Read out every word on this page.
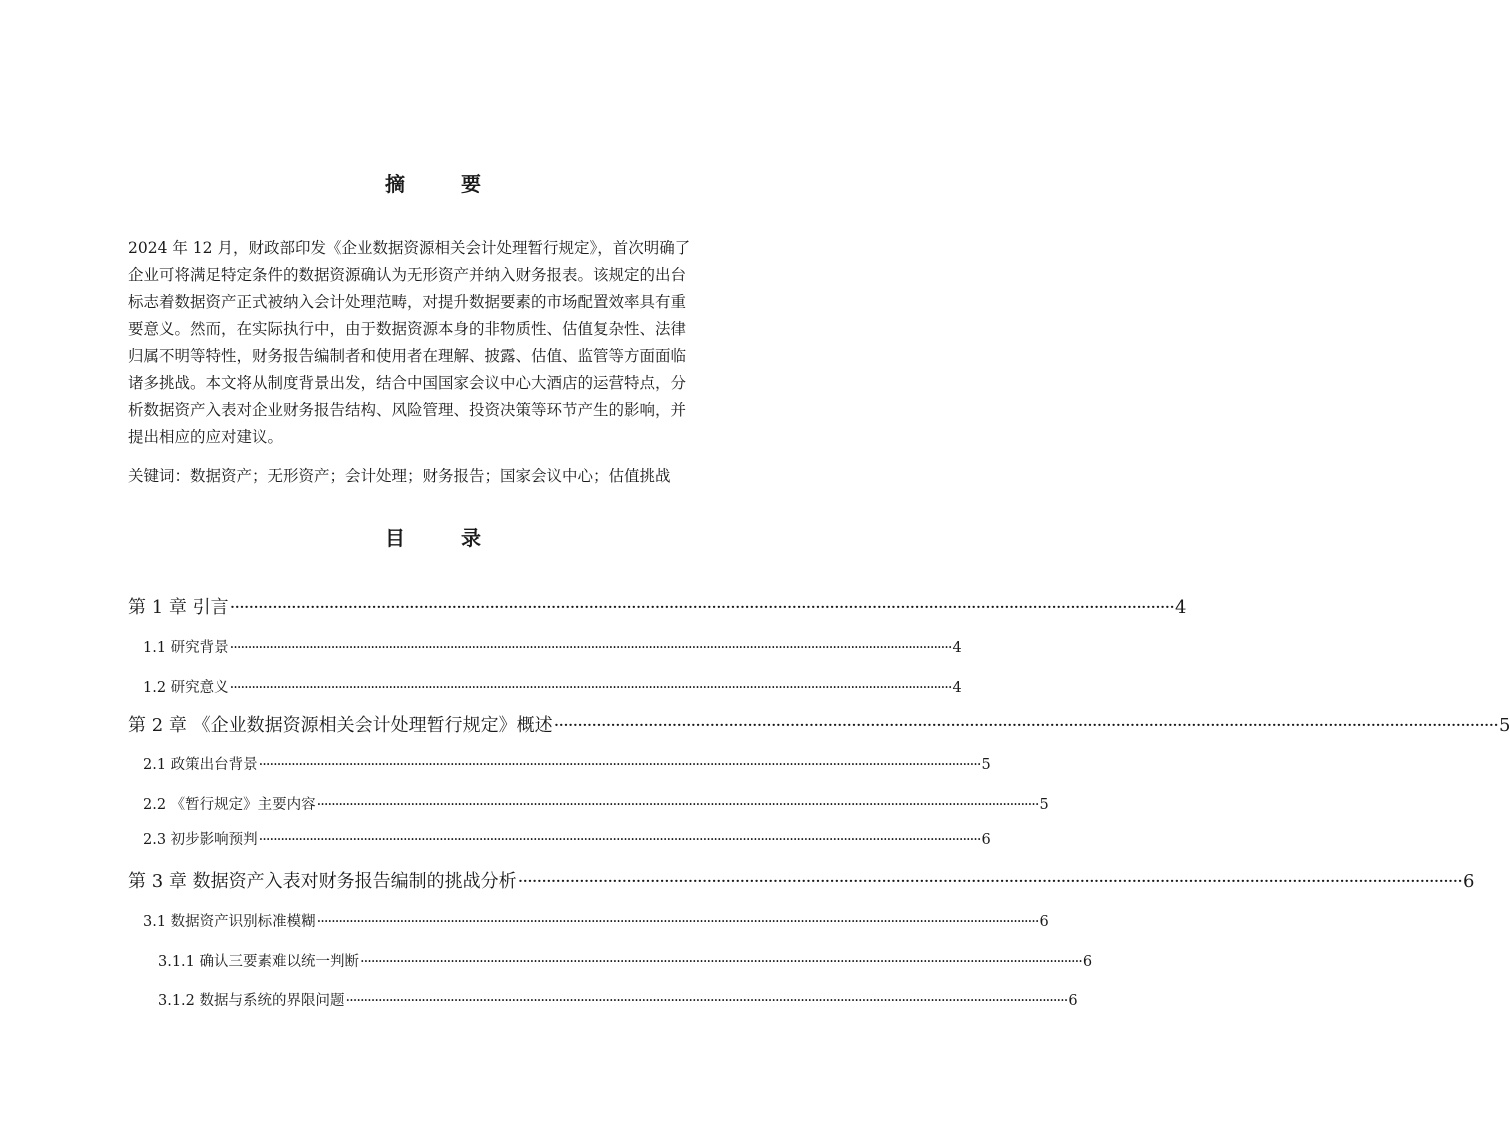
摘　要
2024 年 12 月，财政部印发《企业数据资源相关会计处理暂行规定》，首次明确了
企业可将满足特定条件的数据资源确认为无形资产并纳入财务报表。该规定的出台
标志着数据资产正式被纳入会计处理范畴，对提升数据要素的市场配置效率具有重
要意义。然而，在实际执行中，由于数据资源本身的非物质性、估值复杂性、法律
归属不明等特性，财务报告编制者和使用者在理解、披露、估值、监管等方面面临
诸多挑战。本文将从制度背景出发，结合中国国家会议中心大酒店的运营特点，分
析数据资产入表对企业财务报告结构、风险管理、投资决策等环节产生的影响，并
提出相应的应对建议。
关键词：数据资产；无形资产；会计处理；财务报告；国家会议中心；估值挑战
目　录
第 1 章 引言 ········································································································································································································ 4
1.1 研究背景 ········································································································································································································ 4
1.2 研究意义 ········································································································································································································ 4
第 2 章 《企业数据资源相关会计处理暂行规定》概述 ········································································································································································································ 5
2.1 政策出台背景 ········································································································································································································ 5
2.2 《暂行规定》主要内容 ········································································································································································································ 5
2.3 初步影响预判 ········································································································································································································ 6
第 3 章 数据资产入表对财务报告编制的挑战分析 ········································································································································································································ 6
3.1 数据资产识别标准模糊 ········································································································································································································ 6
3.1.1 确认三要素难以统一判断 ········································································································································································································ 6
3.1.2 数据与系统的界限问题 ········································································································································································································ 6
